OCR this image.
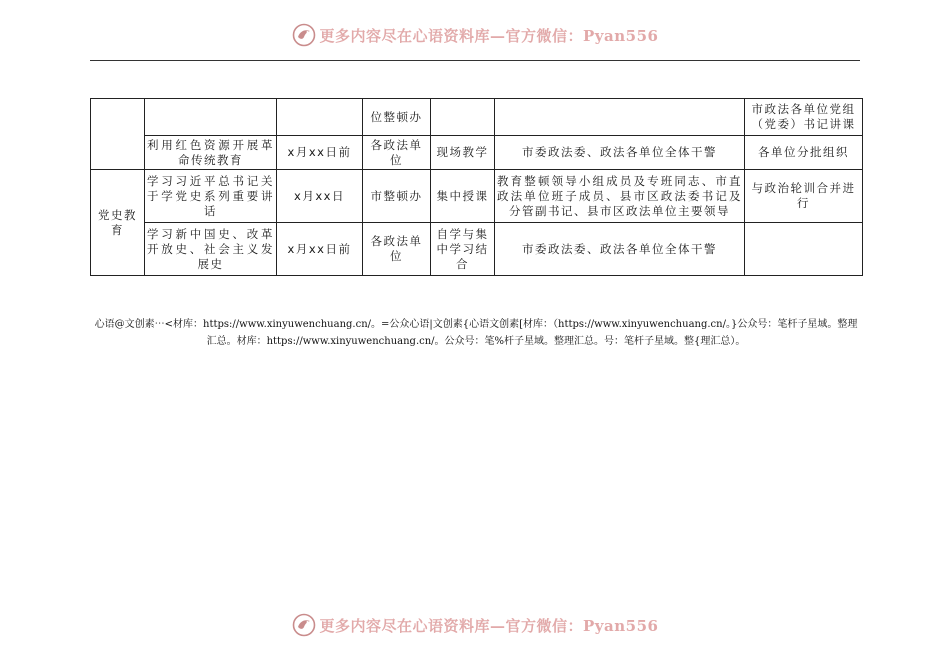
更多内容尽在心语资料库—官方微信：Pyan556
			位整顿办			市政法各单位党组（党委）书记讲课
	利用红色资源开展革命传统教育	x月xx日前	各政法单位	现场教学	市委政法委、政法各单位全体干警	各单位分批组织
党史教育	学习习近平总书记关于学党史系列重要讲话	x月xx日	市整顿办	集中授课	教育整顿领导小组成员及专班同志、市直政法单位班子成员、县市区政法委书记及分管副书记、县市区政法单位主要领导	与政治轮训合并进行
	学习新中国史、改革开放史、社会主义发展史	x月xx日前	各政法单位	自学与集中学习结合	市委政法委、政法各单位全体干警	
心语@文创素⋯<材库：https://www.xinyuwenchuang.cn/。=公众心语|文创素{心语文创素[材库：（https://www.xinyuwenchuang.cn/。}公众号：笔杆子星域。整理汇总。材库：https://www.xinyuwenchuang.cn/。公众号：笔%杆子星域。整理汇总。号：笔杆子星域。整{理汇总）。
更多内容尽在心语资料库—官方微信：Pyan556
